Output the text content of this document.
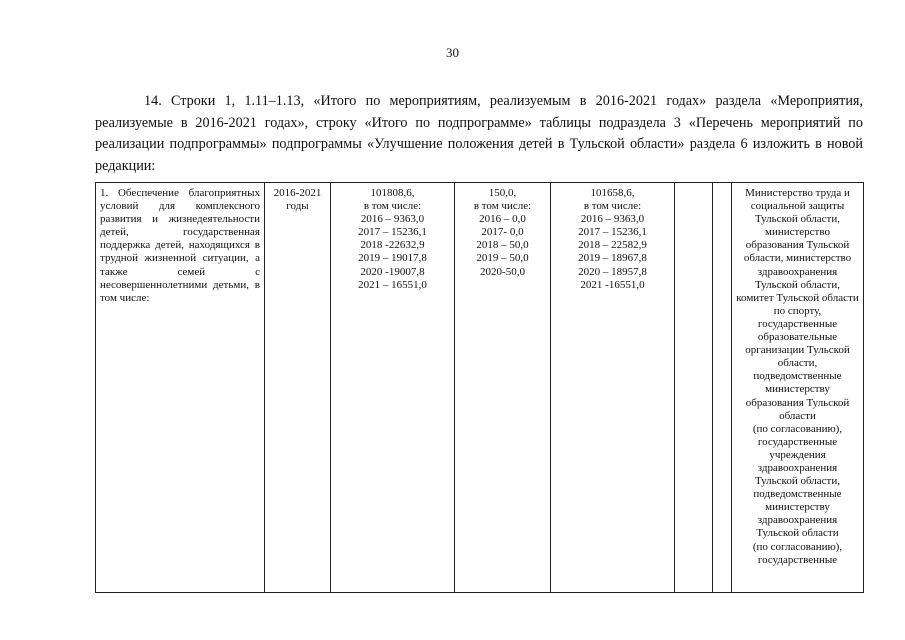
30
14. Строки 1, 1.11–1.13, «Итого по мероприятиям, реализуемым в 2016-2021 годах» раздела «Мероприятия, реализуемые в 2016-2021 годах», строку «Итого по подпрограмме» таблицы подраздела 3 «Перечень мероприятий по реализации подпрограммы» подпрограммы «Улучшение положения детей в Тульской области» раздела 6 изложить в новой редакции:
1. Обеспечение благоприятных условий для комплексного развития и жизнедеятельности детей, государственная поддержка детей, находящихся в трудной жизненной ситуации, а также семей с несовершеннолетними детьми, в том числе:	2016-2021
годы	101808,6,
в том числе:
2016 – 9363,0
2017 – 15236,1
2018 -22632,9
2019 – 19017,8
2020 -19007,8
2021 – 16551,0	150,0,
в том числе:
2016 – 0,0
2017- 0,0
2018 – 50,0
2019 – 50,0
2020-50,0	101658,6,
в том числе:
2016 – 9363,0
2017 – 15236,1
2018 – 22582,9
2019 – 18967,8
2020 – 18957,8
2021 -16551,0			Министерство труда и социальной защиты Тульской области,
министерство образования Тульской области, министерство здравоохранения Тульской области,
комитет Тульской области по спорту,
государственные образовательные организации Тульской области,
подведомственные министерству образования Тульской области
(по согласованию),
государственные учреждения здравоохранения Тульской области,
подведомственные министерству здравоохранения Тульской области
(по согласованию),
государственные
